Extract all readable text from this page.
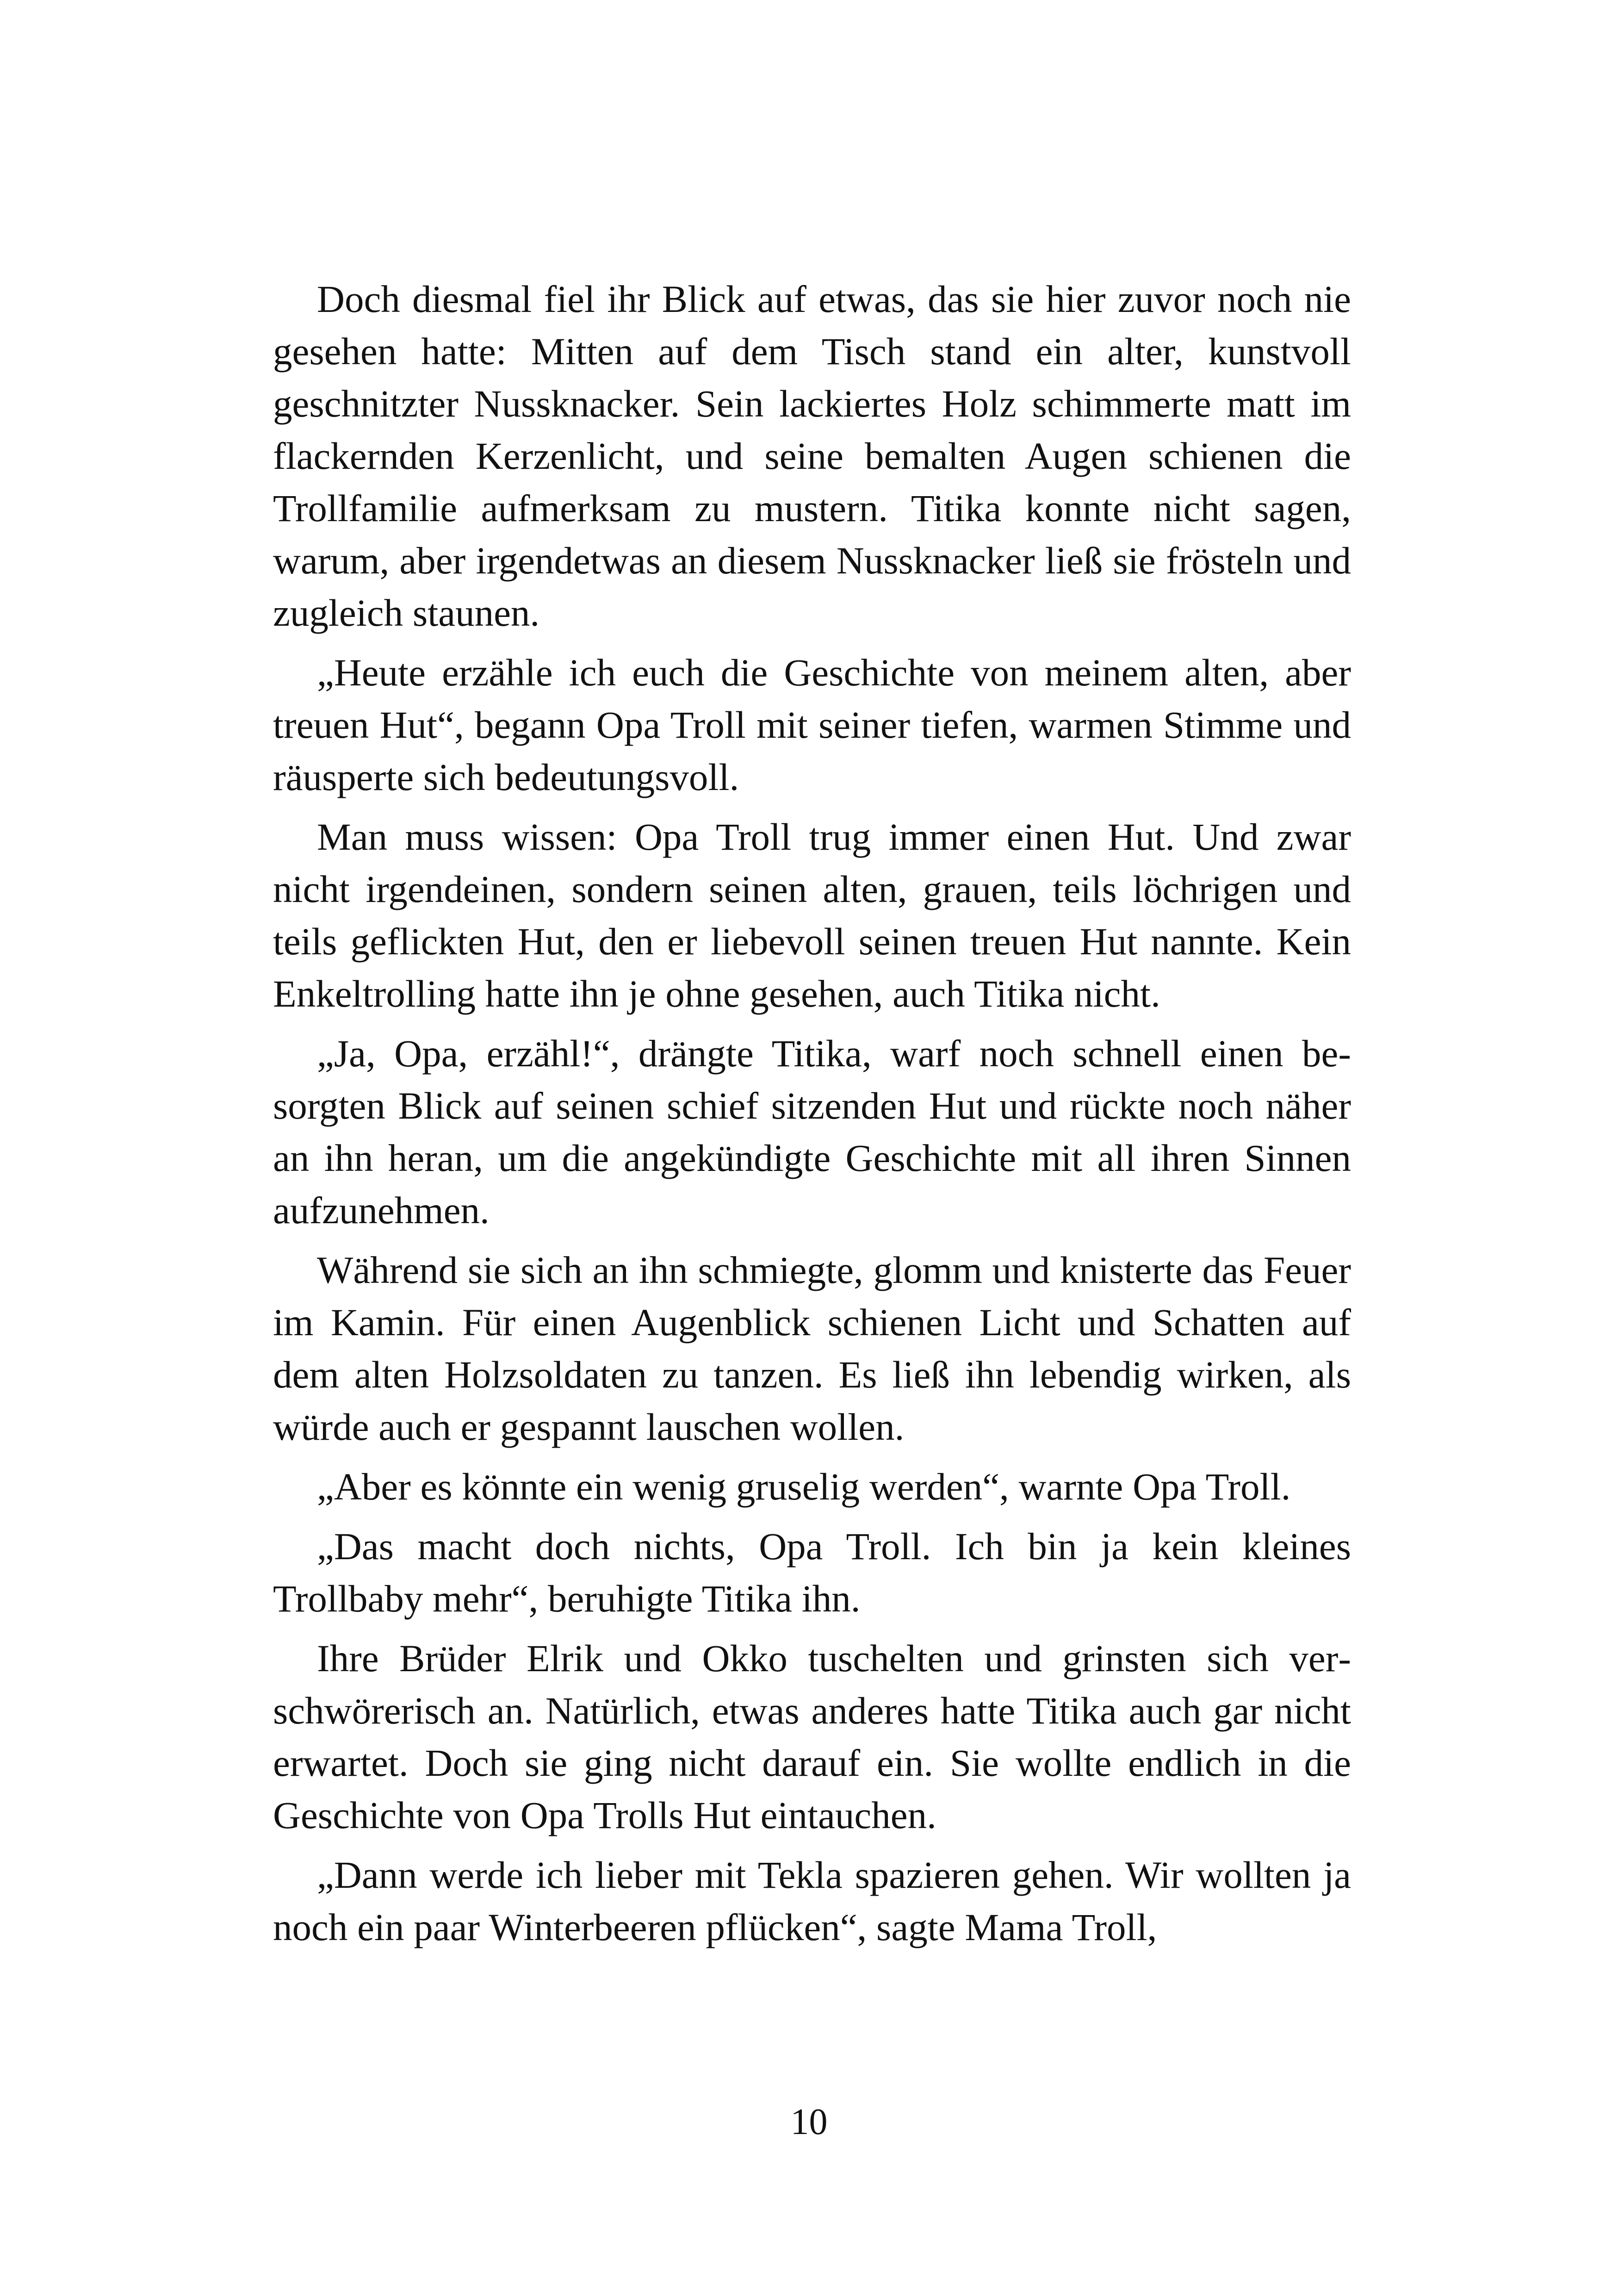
Doch diesmal fiel ihr Blick auf etwas, das sie hier zuvor noch nie gesehen hatte: Mitten auf dem Tisch stand ein alter, kunstvoll geschnitzter Nussknacker. Sein lackiertes Holz schimmerte matt im flackernden Kerzenlicht, und seine bemalten Augen schienen die Trollfamilie aufmerksam zu mustern. Titika konnte nicht sagen, warum, aber irgendetwas an diesem Nussknacker ließ sie frösteln und zugleich staunen.

„Heute erzähle ich euch die Geschichte von meinem alten, aber treuen Hut“, begann Opa Troll mit seiner tiefen, warmen Stimme und räusperte sich bedeutungsvoll.

Man muss wissen: Opa Troll trug immer einen Hut. Und zwar nicht irgendeinen, sondern seinen alten, grauen, teils löchrigen und teils geflickten Hut, den er liebevoll seinen treuen Hut nannte. Kein Enkeltrolling hatte ihn je ohne gesehen, auch Titika nicht.

„Ja, Opa, erzähl!“, drängte Titika, warf noch schnell einen besorgten Blick auf seinen schief sitzenden Hut und rückte noch näher an ihn heran, um die angekündigte Geschichte mit all ihren Sinnen aufzunehmen.

Während sie sich an ihn schmiegte, glomm und knisterte das Feuer im Kamin. Für einen Augenblick schienen Licht und Schatten auf dem alten Holzsoldaten zu tanzen. Es ließ ihn lebendig wirken, als würde auch er gespannt lauschen wollen.

„Aber es könnte ein wenig gruselig werden“, warnte Opa Troll.

„Das macht doch nichts, Opa Troll. Ich bin ja kein kleines Trollbaby mehr“, beruhigte Titika ihn.

Ihre Brüder Elrik und Okko tuschelten und grinsten sich verschwörerisch an. Natürlich, etwas anderes hatte Titika auch gar nicht erwartet. Doch sie ging nicht darauf ein. Sie wollte endlich in die Geschichte von Opa Trolls Hut eintauchen.

„Dann werde ich lieber mit Tekla spazieren gehen. Wir wollten ja noch ein paar Winterbeeren pflücken“, sagte Mama Troll,

10
